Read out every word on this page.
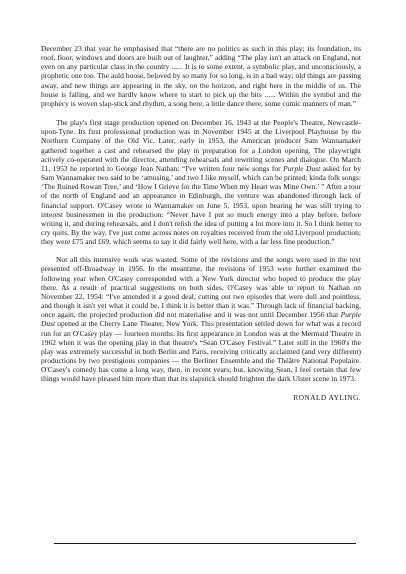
December 23 that year he emphasised that “there are no politics as such in this play; its foundation, its roof, floor, windows and doors are built out of laughter,” adding “The play isn't an attack on England, not even on any particular class in the country ...... It is to some extent, a symbolic play, and unconsciously, a prophetic one too. The auld hoose, beloved by so many for so long, is in a bad way; old things are passing away, and new things are appearing in the sky, on the horizon, and right here in the middle of us. The house is falling, and we hardly know where to start to pick up the bits ...... Within the symbol and the prophecy is woven slap-stick and rhythm, a song here, a little dance there, some comic manners of man.”

The play's first stage production opened on December 16, 1943 at the People's Theatre, Newcastle-upon-Tyne. Its first professional production was in November 1945 at the Liverpool Playhouse by the Northern Company of the Old Vic. Later, early in 1953, the American producer Sam Wannamaker gathered together a cast and rehearsed the play in preparation for a London opening. The playwright actively co-operated with the director, attending rehearsals and rewriting scenes and dialogue. On March 11, 1953 he reported to George Jean Nathan: “I've written four new songs for Purple Dust asked for by Sam Wannamaker two said to be ‘amusing,’ and two I like myself, which can be printed; kinda folk songs: ‘The Ruined Rowan Tree,’ and ‘How I Grieve for the Time When my Heart was Mine Own.’ ” After a tour of the north of England and an appearance in Edinburgh, the venture was abandoned through lack of financial support. O'Casey wrote to Wannamaker on June 5, 1953, upon hearing he was still trying to interest businessmen in the production: “Never have I put so much energy into a play before, before writing it, and during rehearsals, and I don't relish the idea of putting a lot more into it. So I think better to cry quits. By the way, I've just come across notes on royalties received from the old Liverpool production; they were £75 and £69, which seems to say it did fairly well here, with a far less fine production.”

Not all this intensive work was wasted. Some of the revisions and the songs were used in the text presented off-Broadway in 1956. In the meantime, the revisions of 1953 were further examined the following year when O'Casey corresponded with a New York director who hoped to produce the play there. As a result of practical suggestions on both sides, O'Casey was able to report to Nathan on November 22, 1954: “I've amended it a good deal, cutting out two episodes that were dull and pointless, and though it isn't yet what it could be, I think it is better than it was.” Through lack of financial backing, once again, the projected production did not materialise and it was not until December 1956 that Purple Dust opened at the Cherry Lane Theater, New York. This presentation settled down for what was a record run for an O'Casey play — fourteen months. Its first appearance in London was at the Mermaid Theatre in 1962 when it was the opening play in that theatre's “Sean O'Casey Festival.” Later still in the 1960's the play was extremely successful in both Berlin and Paris, receiving critically acclaimed (and very different) productions by two prestigious companies — the Berliner Ensemble and the Théâtre National Populaire. O'Casey's comedy has come a long way, then, in recent years; but, knowing Sean, I feel certain that few things would have pleased him more than that its slapstick should brighten the dark Ulster scene in 1973.

RONALD AYLING.
